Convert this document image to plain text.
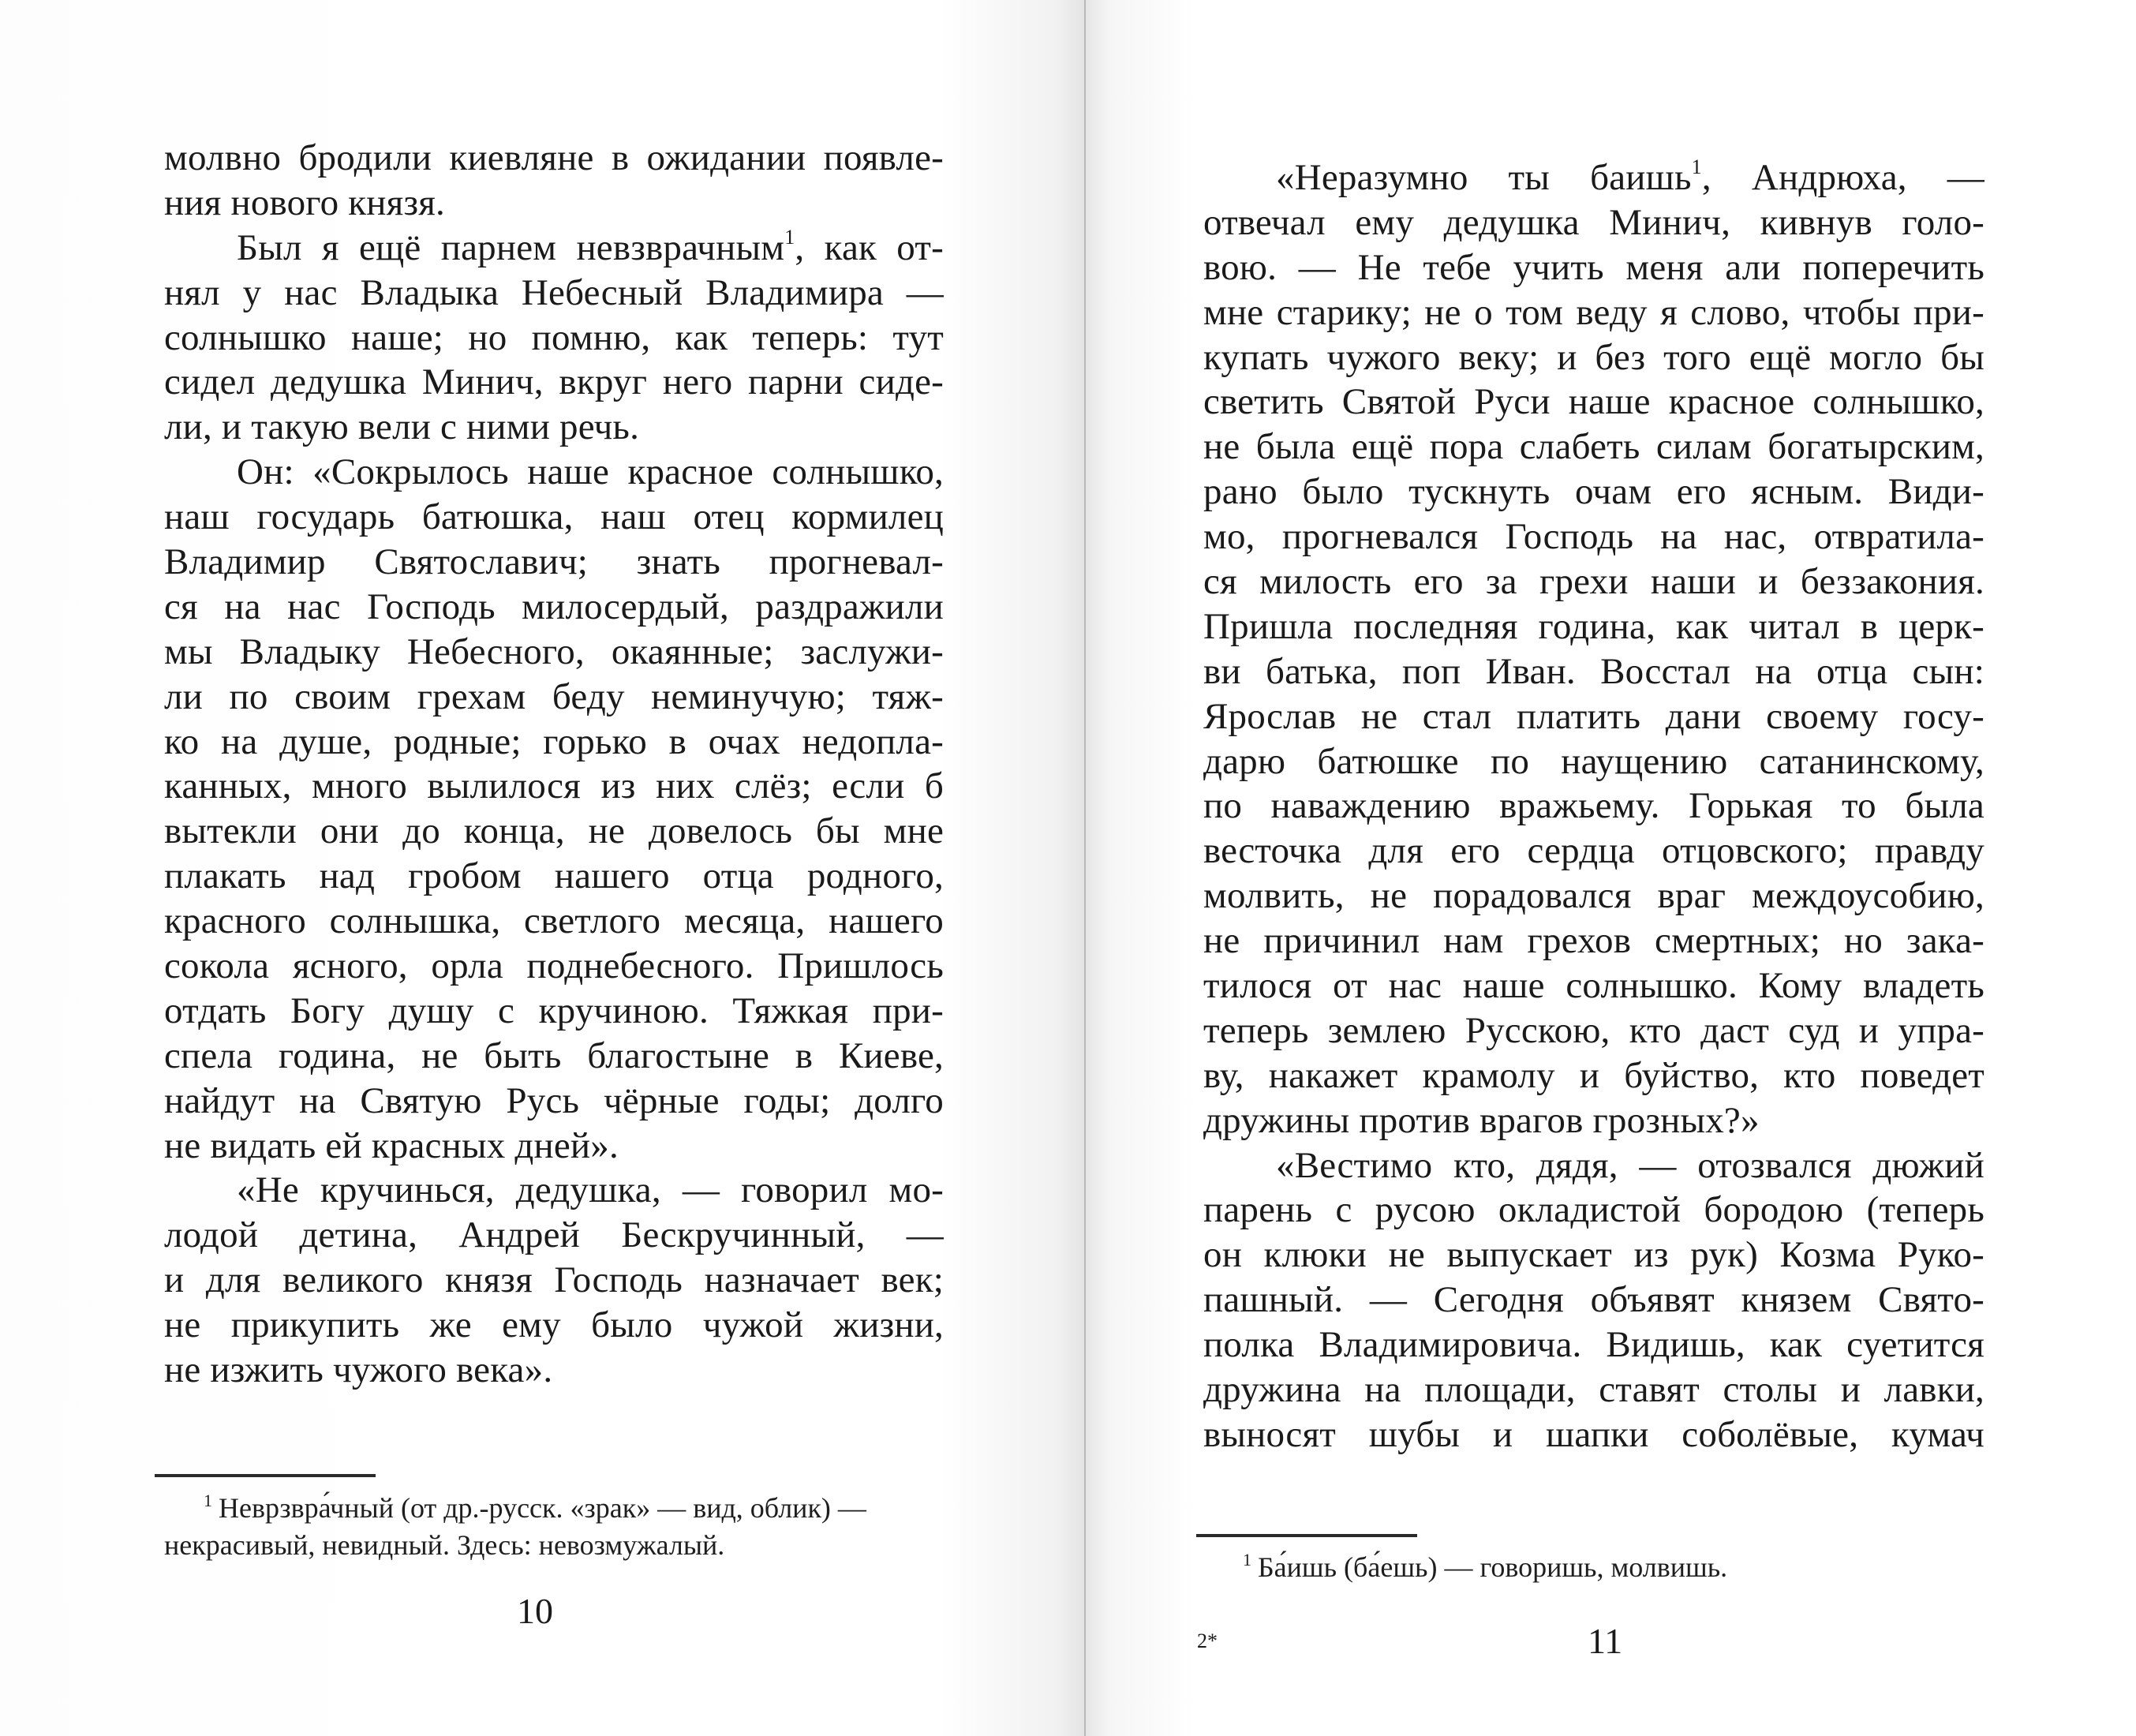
молвно бродили киевляне в ожидании появле-
ния нового князя.
Был я ещё парнем невзврачным$^1$, как от-
нял у нас Владыка Небесный Владимира —
солнышко наше; но помню, как теперь: тут
сидел дедушка Минич, вкруг него парни сиде-
ли, и такую вели с ними речь.
Он: «Сокрылось наше красное солнышко,
наш государь батюшка, наш отец кормилец
Владимир Святославич; знать прогневал-
ся на нас Господь милосердый, раздражили
мы Владыку Небесного, окаянные; заслужи-
ли по своим грехам беду неминучую; тяж-
ко на душе, родные; горько в очах недопла-
канных, много вылилося из них слёз; если б
вытекли они до конца, не довелось бы мне
плакать над гробом нашего отца родного,
красного солнышка, светлого месяца, нашего
сокола ясного, орла поднебесного. Пришлось
отдать Богу душу с кручиною. Тяжкая при-
спела година, не быть благостыне в Киеве,
найдут на Святую Русь чёрные годы; долго
не видать ей красных дней».
«Не кручинься, дедушка, — говорил мо-
лодой детина, Андрей Бескручинный, —
и для великого князя Господь назначает век;
не прикупить же ему было чужой жизни,
не изжить чужого века».
$^1$ Неврзвра́чный (от др.-русск. «зрак» — вид, облик) —
некрасивый, невидный. Здесь: невозмужалый.
10
«Неразумно ты баишь$^1$, Андрюха, —
отвечал ему дедушка Минич, кивнув голо-
вою. — Не тебе учить меня али поперечить
мне старику; не о том веду я слово, чтобы при-
купать чужого веку; и без того ещё могло бы
светить Святой Руси наше красное солнышко,
не была ещё пора слабеть силам богатырским,
рано было тускнуть очам его ясным. Види-
мо, прогневался Господь на нас, отвратила-
ся милость его за грехи наши и беззакония.
Пришла последняя година, как читал в церк-
ви батька, поп Иван. Восстал на отца сын:
Ярослав не стал платить дани своему госу-
дарю батюшке по наущению сатанинскому,
по наваждению вражьему. Горькая то была
весточка для его сердца отцовского; правду
молвить, не порадовался враг междоусобию,
не причинил нам грехов смертных; но зака-
тилося от нас наше солнышко. Кому владеть
теперь землею Русскою, кто даст суд и упра-
ву, накажет крамолу и буйство, кто поведет
дружины против врагов грозных?»
«Вестимо кто, дядя, — отозвался дюжий
парень с русою окладистой бородою (теперь
он клюки не выпускает из рук) Козма Руко-
пашный. — Сегодня объявят князем Свято-
полка Владимировича. Видишь, как суетится
дружина на площади, ставят столы и лавки,
выносят шубы и шапки соболёвые, кумач
$^1$ Ба́ишь (ба́ешь) — говоришь, молвишь.
2*	11
